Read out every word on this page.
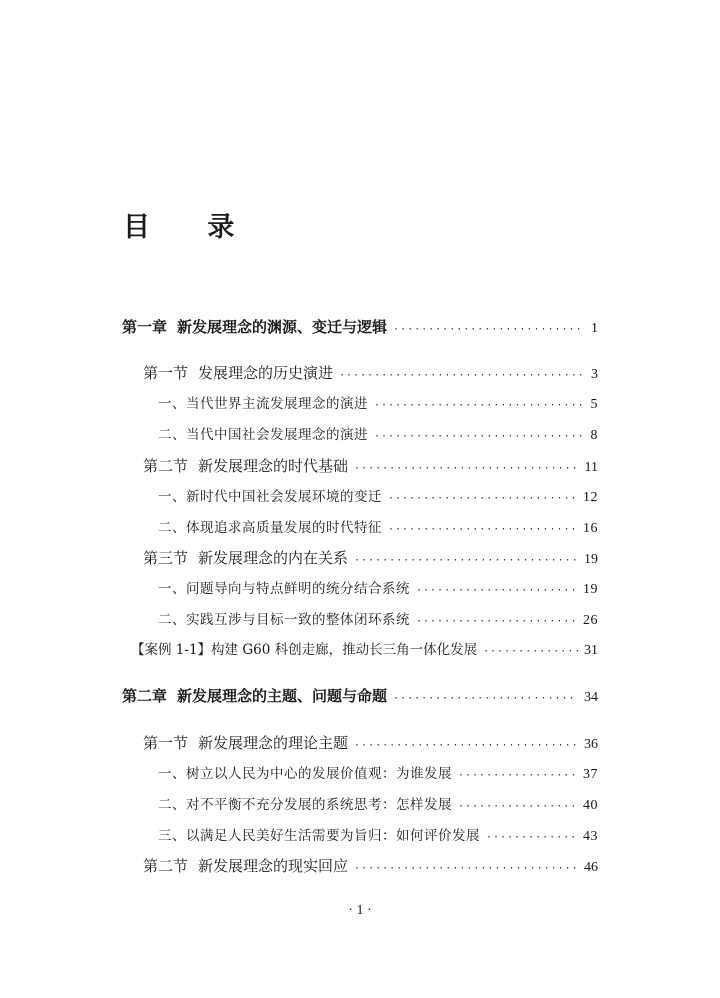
目 录
第一章 新发展理念的渊源、变迁与逻辑 ·····	1
第一节 发展理念的历史演进 ·····	3
一、当代世界主流发展理念的演进 ·····	5
二、当代中国社会发展理念的演进 ·····	8
第二节 新发展理念的时代基础 ·····	11
一、新时代中国社会发展环境的变迁 ·····	12
二、体现追求高质量发展的时代特征 ·····	16
第三节 新发展理念的内在关系 ·····	19
一、问题导向与特点鲜明的统分结合系统 ·····	19
二、实践互涉与目标一致的整体闭环系统 ·····	26
【案例 1-1】构建 G60 科创走廊，推动长三角一体化发展 ·····	31
第二章 新发展理念的主题、问题与命题 ·····	34
第一节 新发展理念的理论主题 ·····	36
一、树立以人民为中心的发展价值观：为谁发展 ·····	37
二、对不平衡不充分发展的系统思考：怎样发展 ·····	40
三、以满足人民美好生活需要为旨归：如何评价发展 ·····	43
第二节 新发展理念的现实回应 ·····	46
· 1 ·
